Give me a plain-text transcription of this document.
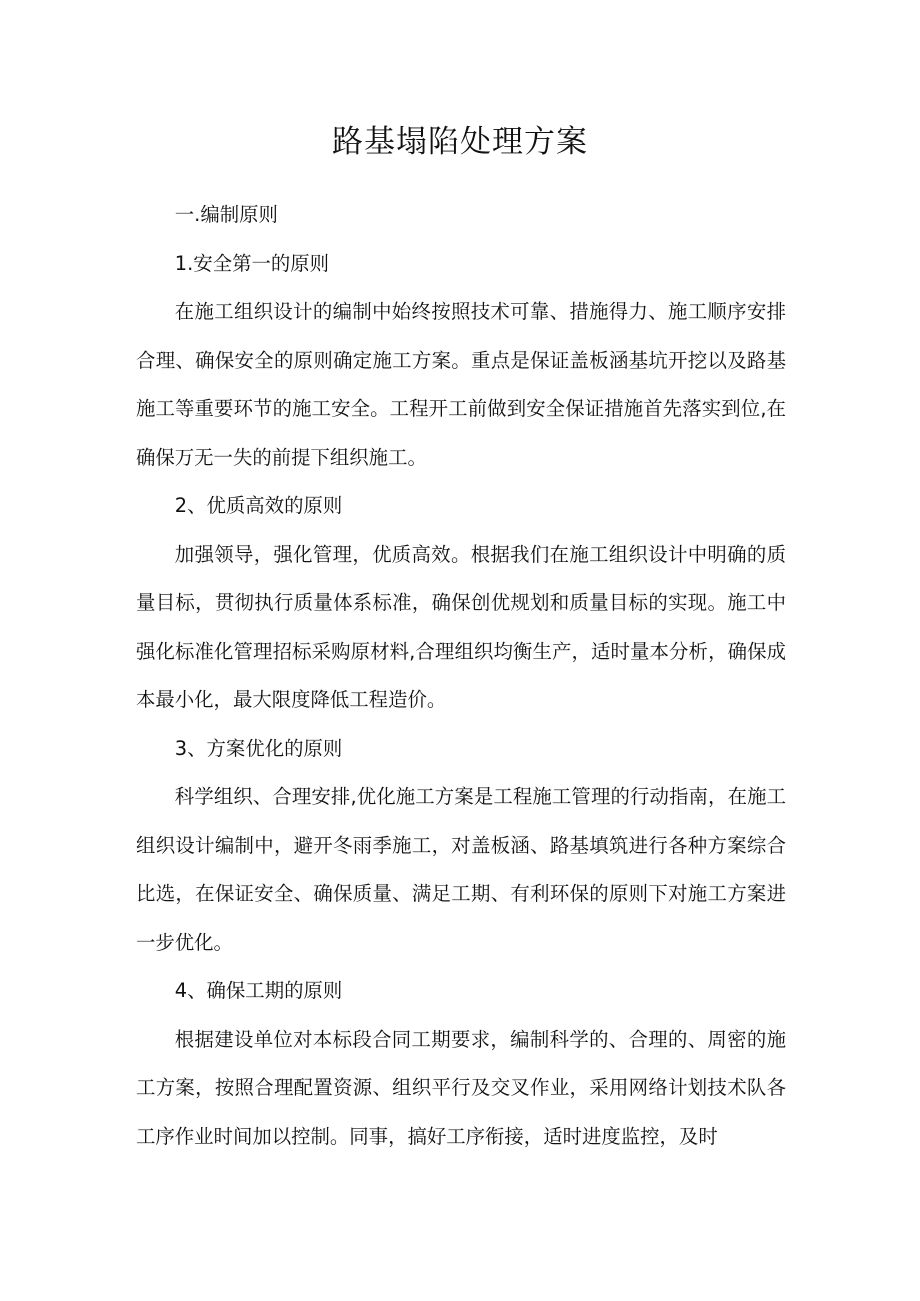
路基塌陷处理方案

一.编制原则

1.安全第一的原则

在施工组织设计的编制中始终按照技术可靠、措施得力、施工顺序安排合理、确保安全的原则确定施工方案。重点是保证盖板涵基坑开挖以及路基施工等重要环节的施工安全。工程开工前做到安全保证措施首先落实到位,在确保万无一失的前提下组织施工。

2、优质高效的原则

加强领导，强化管理，优质高效。根据我们在施工组织设计中明确的质量目标，贯彻执行质量体系标准，确保创优规划和质量目标的实现。施工中强化标准化管理招标采购原材料,合理组织均衡生产，适时量本分析，确保成本最小化，最大限度降低工程造价。

3、方案优化的原则

科学组织、合理安排,优化施工方案是工程施工管理的行动指南，在施工组织设计编制中，避开冬雨季施工，对盖板涵、路基填筑进行各种方案综合比选，在保证安全、确保质量、满足工期、有利环保的原则下对施工方案进一步优化。

4、确保工期的原则

根据建设单位对本标段合同工期要求，编制科学的、合理的、周密的施工方案，按照合理配置资源、组织平行及交叉作业，采用网络计划技术队各工序作业时间加以控制。同事，搞好工序衔接，适时进度监控，及时
